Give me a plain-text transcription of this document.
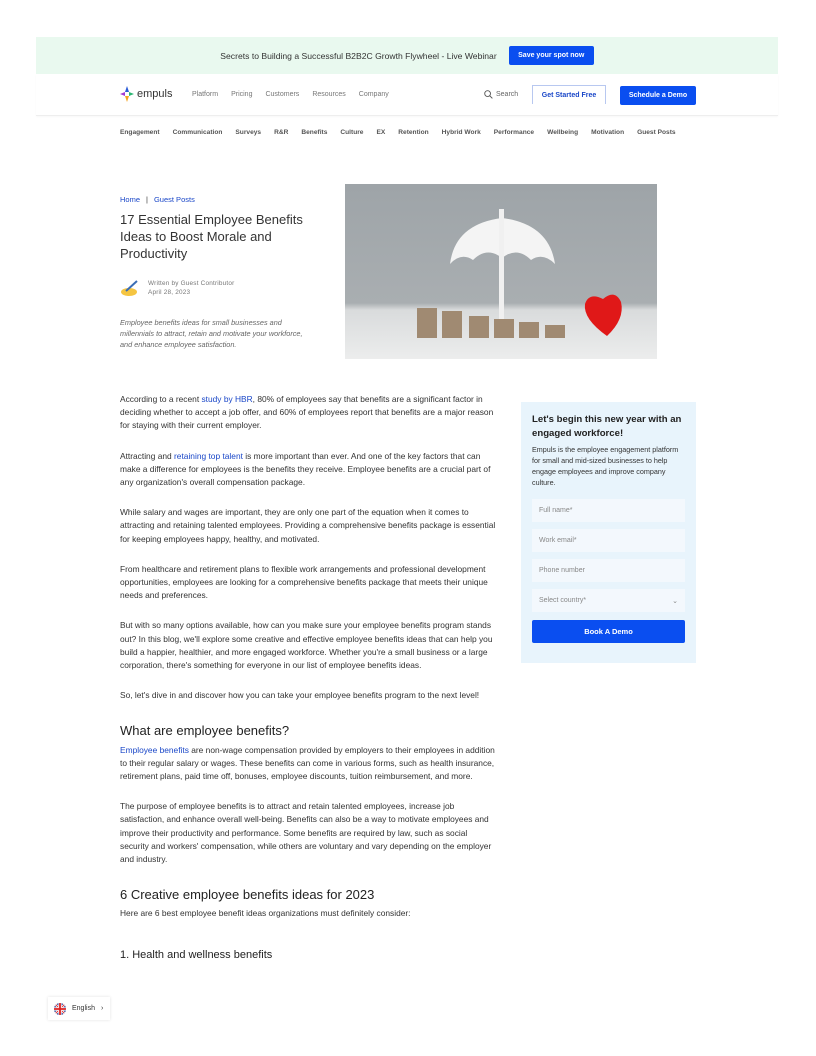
Secrets to Building a Successful B2B2C Growth Flywheel - Live Webinar	Save your spot now
empuls	Platform Pricing Customers Resources Company	Search	Get Started Free	Schedule a Demo
Engagement Communication Surveys R&R Benefits Culture EX Retention Hybrid Work Performance Wellbeing Motivation Guest Posts
Home | Guest Posts
17 Essential Employee Benefits Ideas to Boost Morale and Productivity
Written by Guest Contributor
April 28, 2023

Employee benefits ideas for small businesses and millennials to attract, retain and motivate your workforce, and enhance employee satisfaction.

According to a recent study by HBR, 80% of employees say that benefits are a significant factor in deciding whether to accept a job offer, and 60% of employees report that benefits are a major reason for staying with their current employer.

Attracting and retaining top talent is more important than ever. And one of the key factors that can make a difference for employees is the benefits they receive. Employee benefits are a crucial part of any organization's overall compensation package.

While salary and wages are important, they are only one part of the equation when it comes to attracting and retaining talented employees. Providing a comprehensive benefits package is essential for keeping employees happy, healthy, and motivated.

From healthcare and retirement plans to flexible work arrangements and professional development opportunities, employees are looking for a comprehensive benefits package that meets their unique needs and preferences.

But with so many options available, how can you make sure your employee benefits program stands out? In this blog, we'll explore some creative and effective employee benefits ideas that can help you build a happier, healthier, and more engaged workforce. Whether you're a small business or a large corporation, there's something for everyone in our list of employee benefits ideas.

So, let's dive in and discover how you can take your employee benefits program to the next level!

What are employee benefits?

Employee benefits are non-wage compensation provided by employers to their employees in addition to their regular salary or wages. These benefits can come in various forms, such as health insurance, retirement plans, paid time off, bonuses, employee discounts, tuition reimbursement, and more.

The purpose of employee benefits is to attract and retain talented employees, increase job satisfaction, and enhance overall well-being. Benefits can also be a way to motivate employees and improve their productivity and performance. Some benefits are required by law, such as social security and workers' compensation, while others are voluntary and vary depending on the employer and industry.

6 Creative employee benefits ideas for 2023

Here are 6 best employee benefit ideas organizations must definitely consider:

1. Health and wellness benefits
Let's begin this new year with an engaged workforce!

Empuls is the employee engagement platform for small and mid-sized businesses to help engage employees and improve company culture.

Full name*
Work email*
Phone number
Select country*	⌄
Book A Demo
English ›
